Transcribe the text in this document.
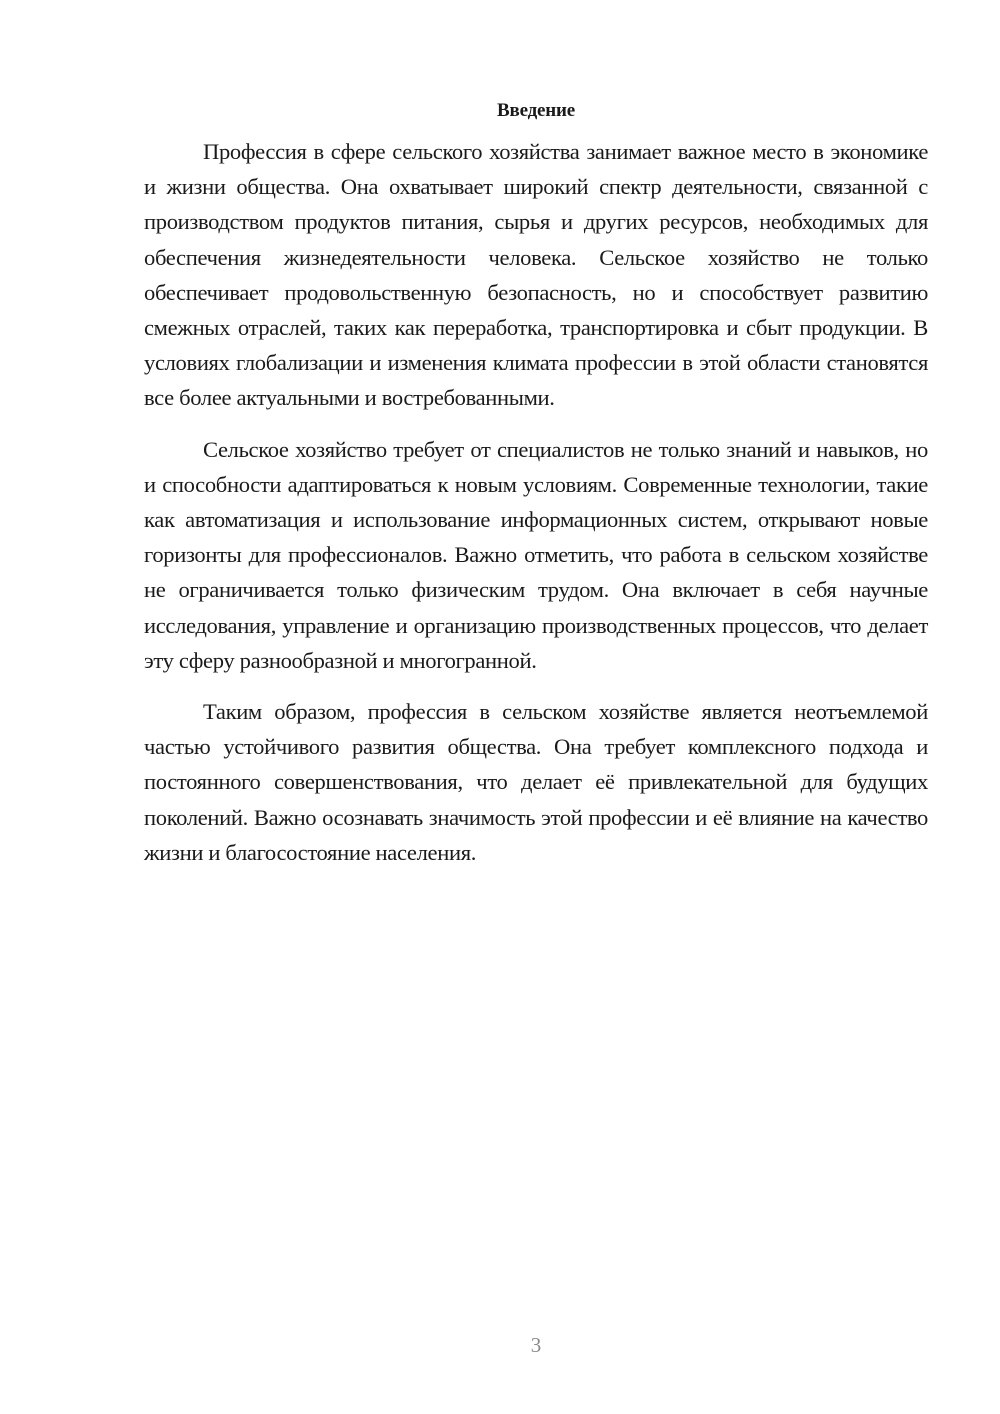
Введение

Профессия в сфере сельского хозяйства занимает важное место в экономике и жизни общества. Она охватывает широкий спектр деятельности, связанной с производством продуктов питания, сырья и других ресурсов, необходимых для обеспечения жизнедеятельности человека. Сельское хозяйство не только обеспечивает продовольственную безопасность, но и способствует развитию смежных отраслей, таких как переработка, транспортировка и сбыт продукции. В условиях глобализации и изменения климата профессии в этой области становятся все более актуальными и востребованными.

Сельское хозяйство требует от специалистов не только знаний и навыков, но и способности адаптироваться к новым условиям. Современные технологии, такие как автоматизация и использование информационных систем, открывают новые горизонты для профессионалов. Важно отметить, что работа в сельском хозяйстве не ограничивается только физическим трудом. Она включает в себя научные исследования, управление и организацию производственных процессов, что делает эту сферу разнообразной и многогранной.

Таким образом, профессия в сельском хозяйстве является неотъемлемой частью устойчивого развития общества. Она требует комплексного подхода и постоянного совершенствования, что делает её привлекательной для будущих поколений. Важно осознавать значимость этой профессии и её влияние на качество жизни и благосостояние населения.

3
